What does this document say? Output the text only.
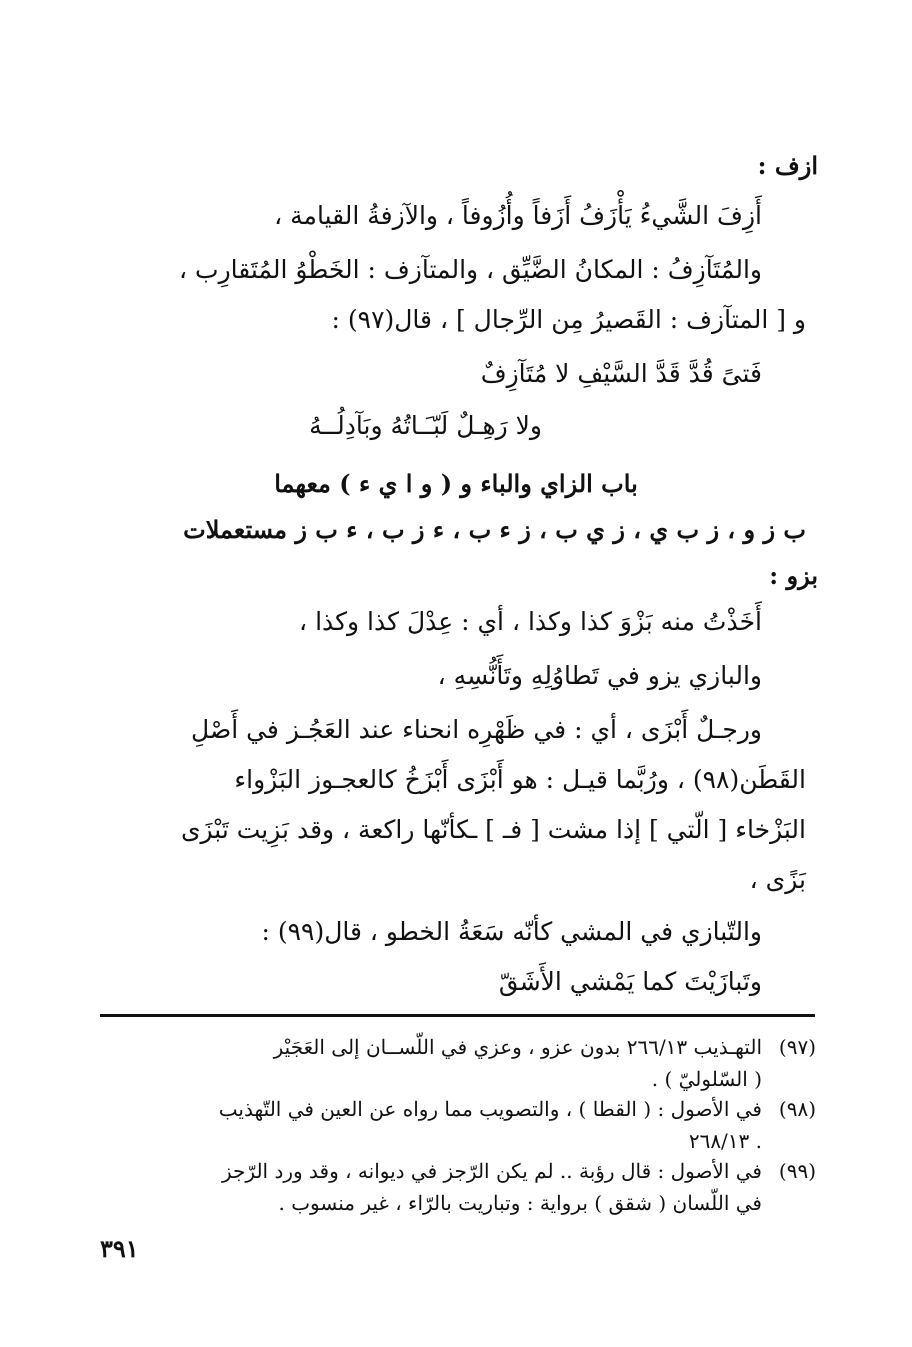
ازف :
أَزِفَ الشَّيءُ يَأْزَفُ أَزَفاً وأُزُوفاً ، والآزفةُ القيامة ،
والمُتَآزِفُ : المكانُ الضَّيِّق ، والمتآزف : الخَطْوُ المُتَقارِب ،
و [ المتآزف : القَصيرُ مِن الرِّجال ] ، قال(٩٧) :
فَتىً قُدَّ قَدَّ السَّيْفِ لا مُتَآزِفٌ
ولا رَهِـلٌ لَبّـَـاتُهُ وبَآدِلُــهُ
باب الزاي والباء و ( و ا ي ء ) معهما
ب ز و ، ز ب ي ، ز ي ب ، ز ء ب ، ء ز ب ، ء ب ز مستعملات
بزو :
أَخَذْتُ منه بَزْوَ كذا وكذا ، أي : عِدْلَ كذا وكذا ،
والبازي يزو في تَطاوُلِهِ وتَأَنُّسِهِ ،
ورجـلٌ أَبْزَى ، أي : في ظَهْرِه انحناء عند العَجُـز في أَصْلِ
القَطَن(٩٨) ، ورُبَّما قيـل : هو أَبْزَى أَبْزَخُ كالعجـوز البَزْواء
البَزْخاء [ الّتي ] إذا مشت [ فـ ] ـكأنّها راكعة ، وقد بَزِيت تَبْزَى
بَزًى ،
والتّبازي في المشي كأنّه سَعَةُ الخطو ، قال(٩٩) :
وتَبازَيْتَ كما يَمْشي الأَشَقّ
(٩٧)
التهـذيب ٢٦٦/١٣ بدون عزو ، وعزي في اللّســان إلى العَجَيْر
( السّلوليّ ) .
(٩٨)
في الأصول : ( القطا ) ، والتصويب مما رواه عن العين في التّهذيب
. ٢٦٨/١٣
(٩٩)
في الأصول : قال رؤبة .. لم يكن الرّجز في ديوانه ، وقد ورد الرّجز
في اللّسان ( شقق ) برواية : وتباريت بالرّاء ، غير منسوب .
٣٩١
